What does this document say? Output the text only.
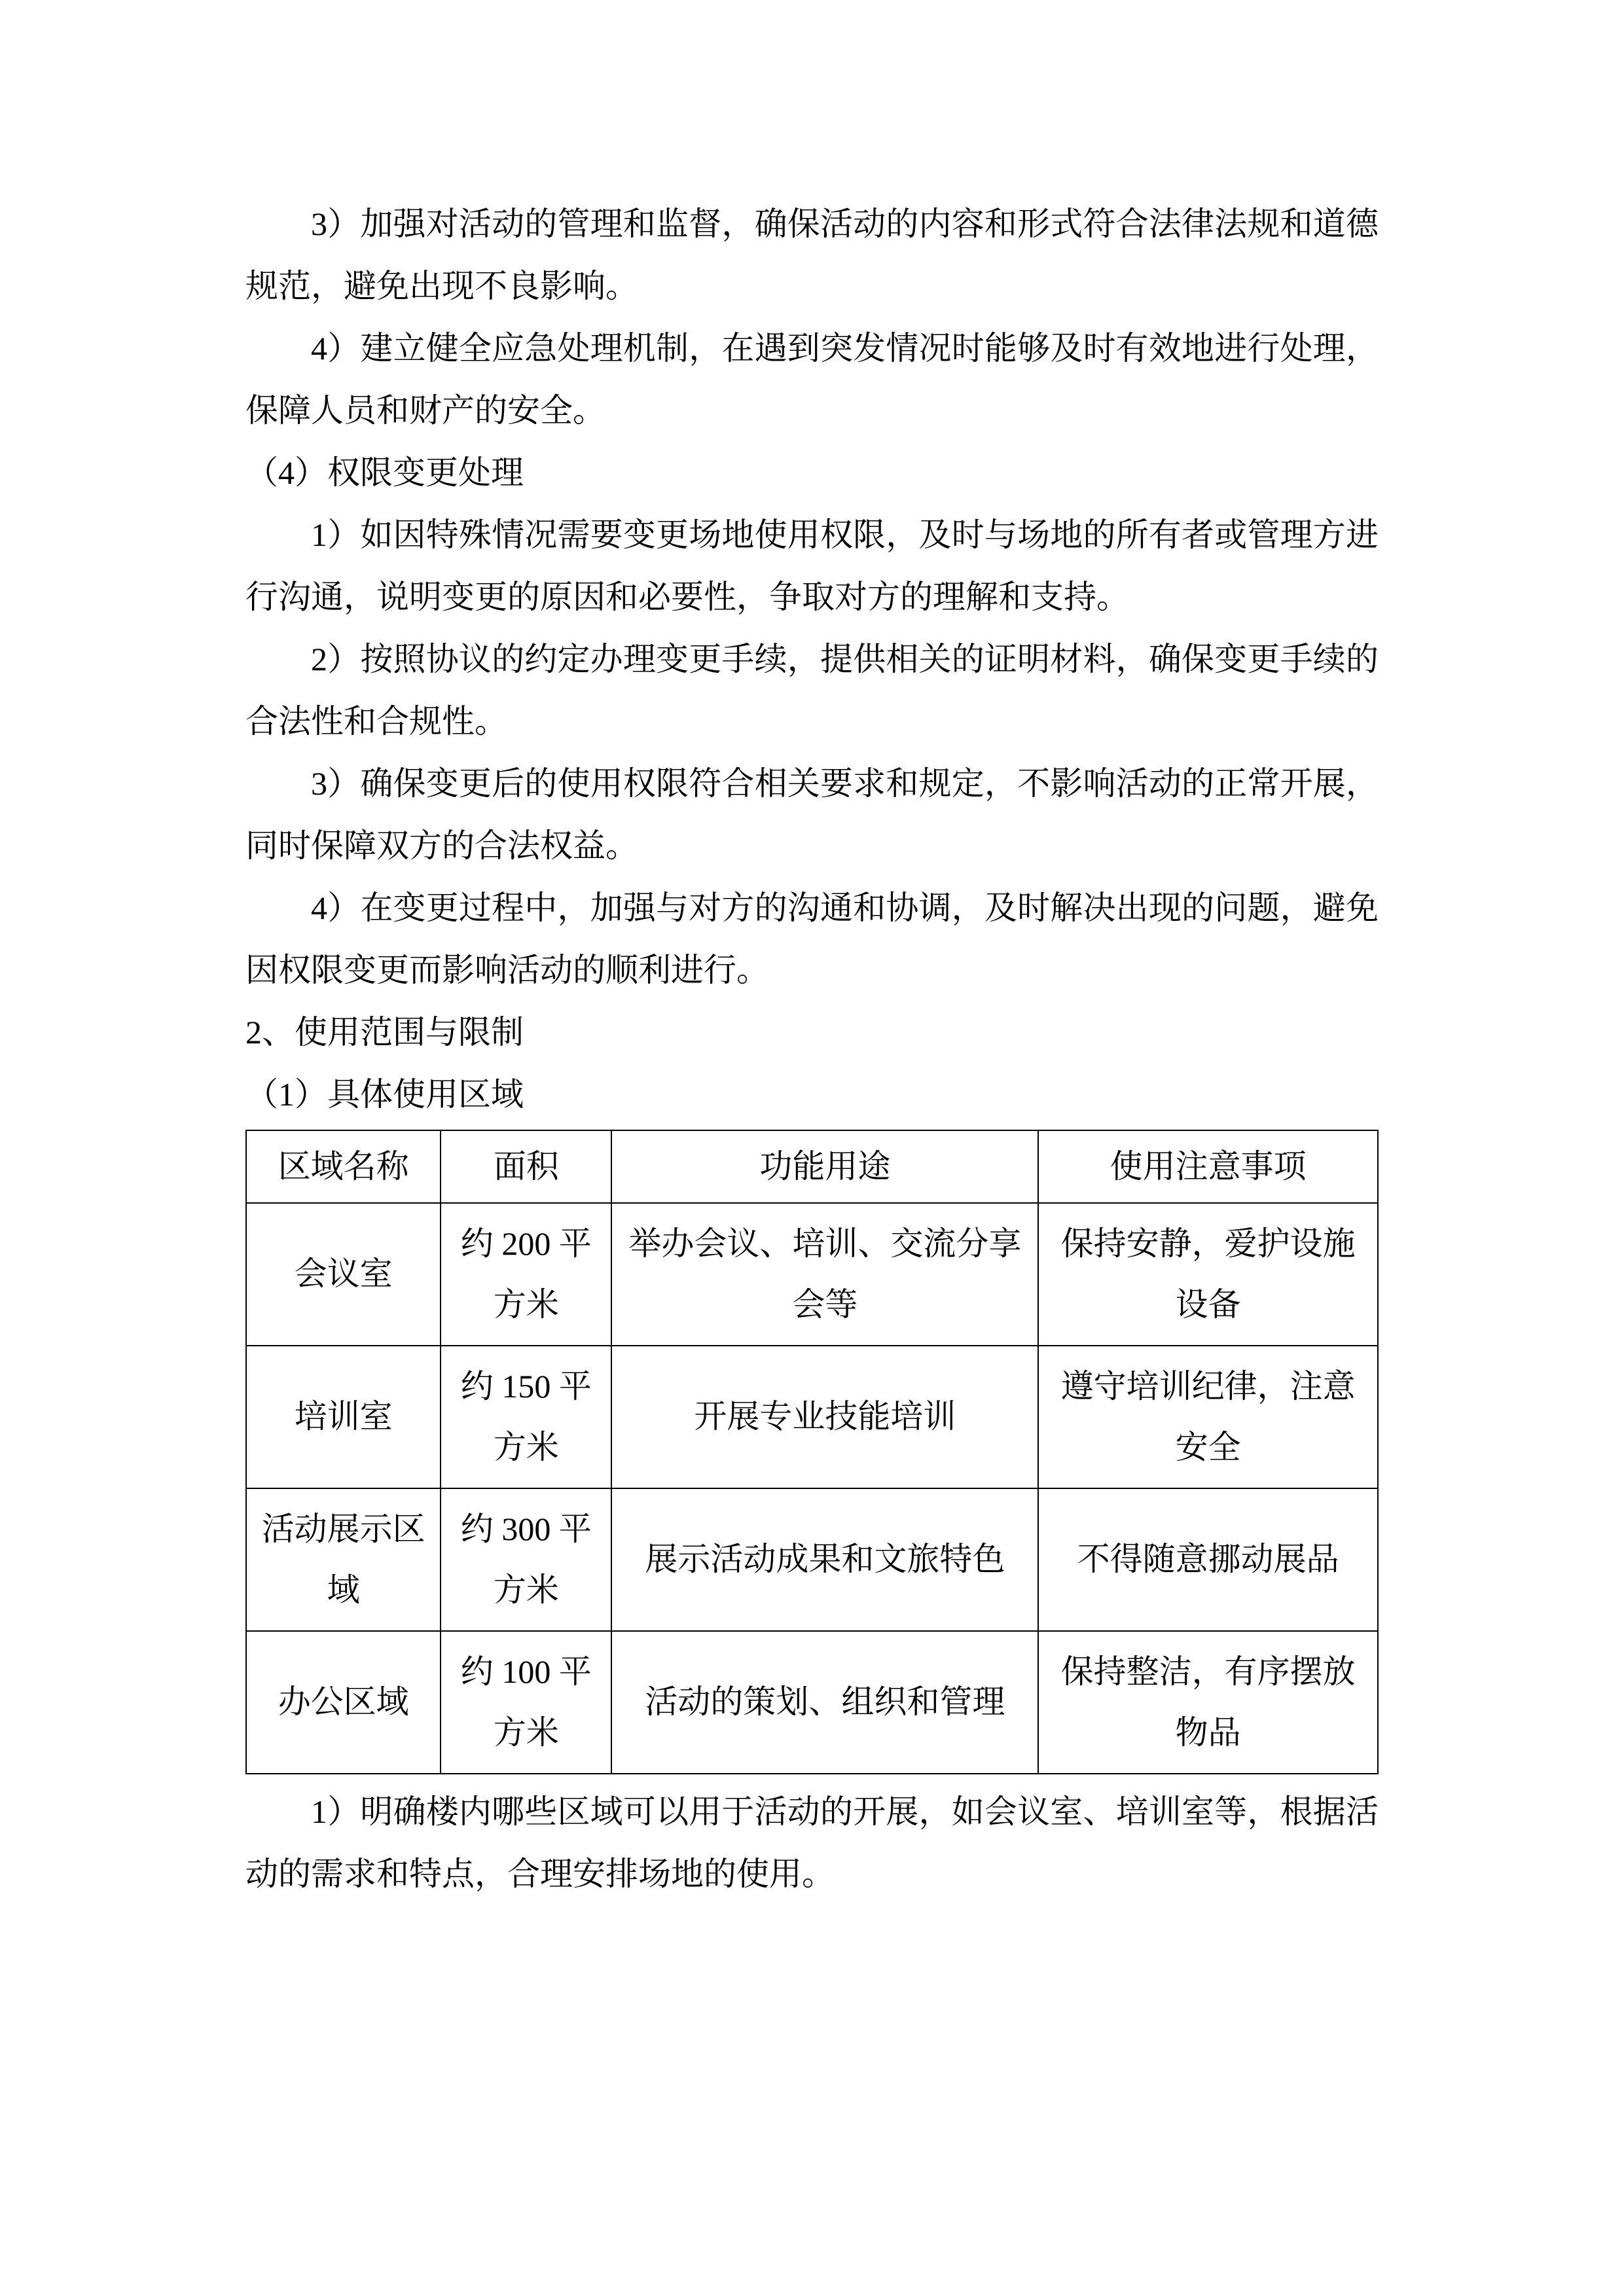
3）加强对活动的管理和监督，确保活动的内容和形式符合法律法规和道德规范，避免出现不良影响。

4）建立健全应急处理机制，在遇到突发情况时能够及时有效地进行处理，保障人员和财产的安全。

（4）权限变更处理

1）如因特殊情况需要变更场地使用权限，及时与场地的所有者或管理方进行沟通，说明变更的原因和必要性，争取对方的理解和支持。

2）按照协议的约定办理变更手续，提供相关的证明材料，确保变更手续的合法性和合规性。

3）确保变更后的使用权限符合相关要求和规定，不影响活动的正常开展，同时保障双方的合法权益。

4）在变更过程中，加强与对方的沟通和协调，及时解决出现的问题，避免因权限变更而影响活动的顺利进行。

2、使用范围与限制

（1）具体使用区域

区域名称	面积	功能用途	使用注意事项
会议室	约 200 平方米	举办会议、培训、交流分享会等	保持安静，爱护设施设备
培训室	约 150 平方米	开展专业技能培训	遵守培训纪律，注意安全
活动展示区域	约 300 平方米	展示活动成果和文旅特色	不得随意挪动展品
办公区域	约 100 平方米	活动的策划、组织和管理	保持整洁，有序摆放物品

1）明确楼内哪些区域可以用于活动的开展，如会议室、培训室等，根据活动的需求和特点，合理安排场地的使用。
